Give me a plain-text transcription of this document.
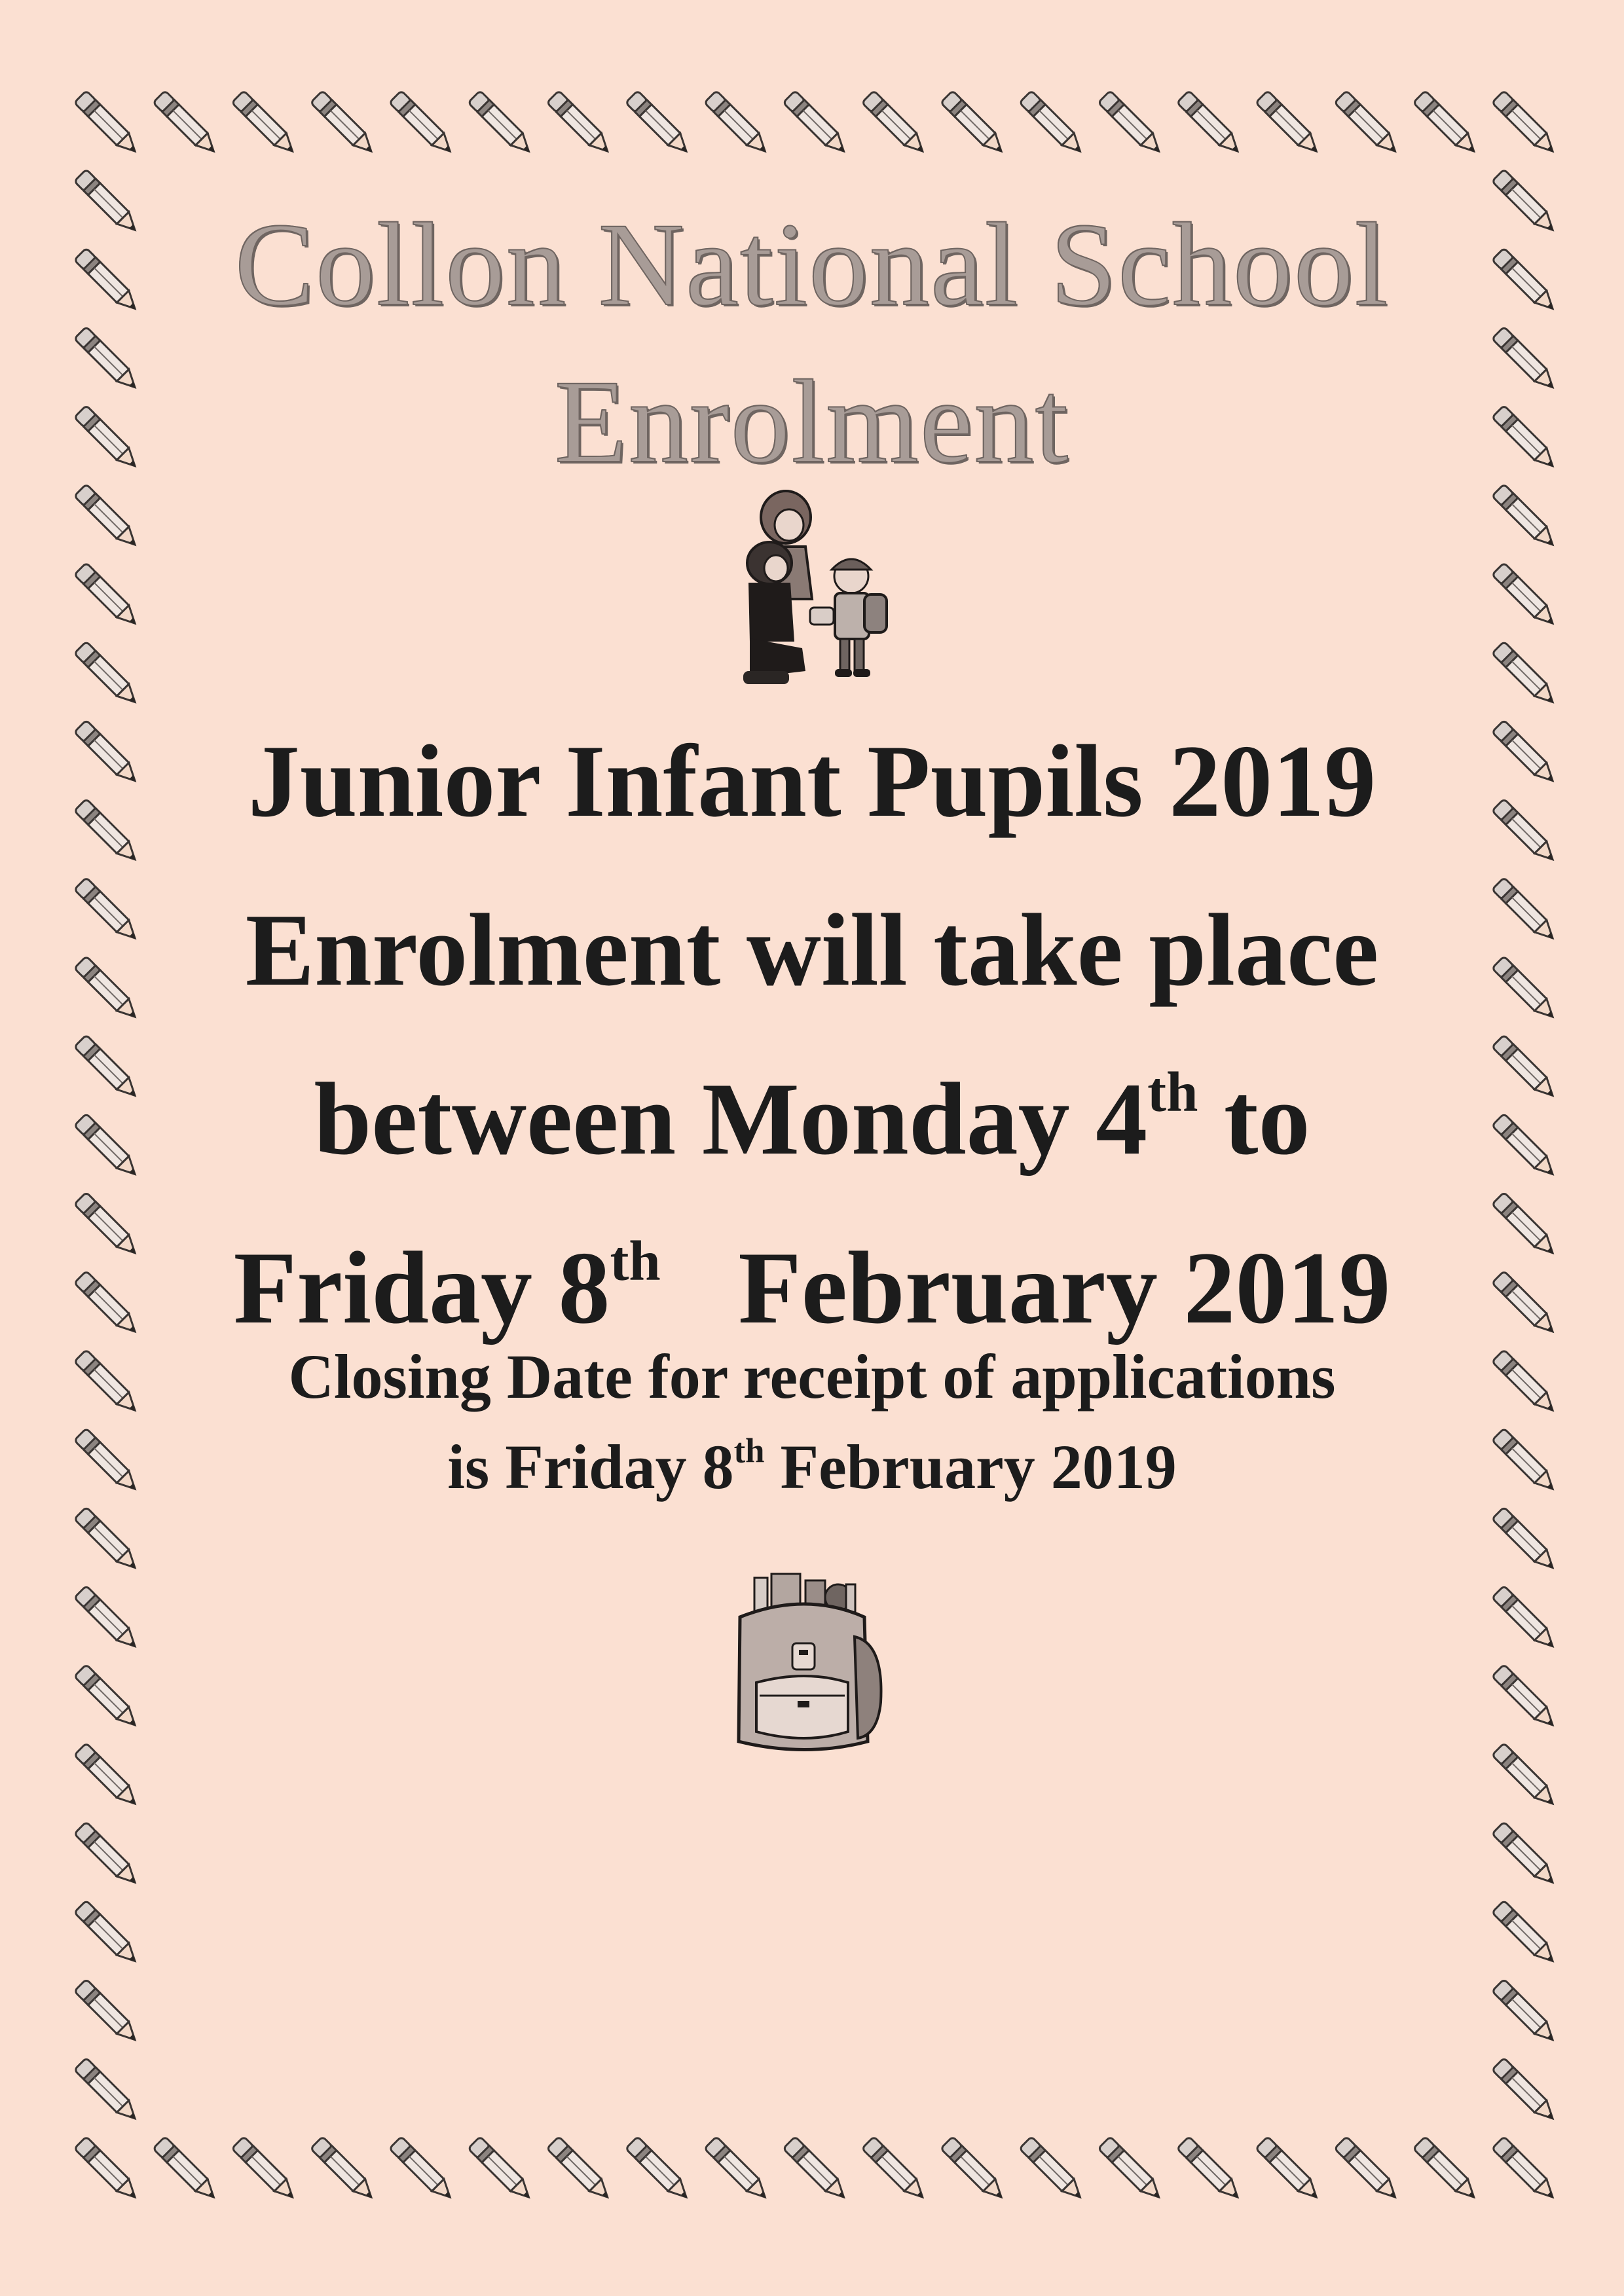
Collon National School
Enrolment
Junior Infant Pupils 2019
Enrolment will take place
between Monday 4th to
Friday 8th   February 2019
Closing Date for receipt of applications
is Friday 8th February 2019
